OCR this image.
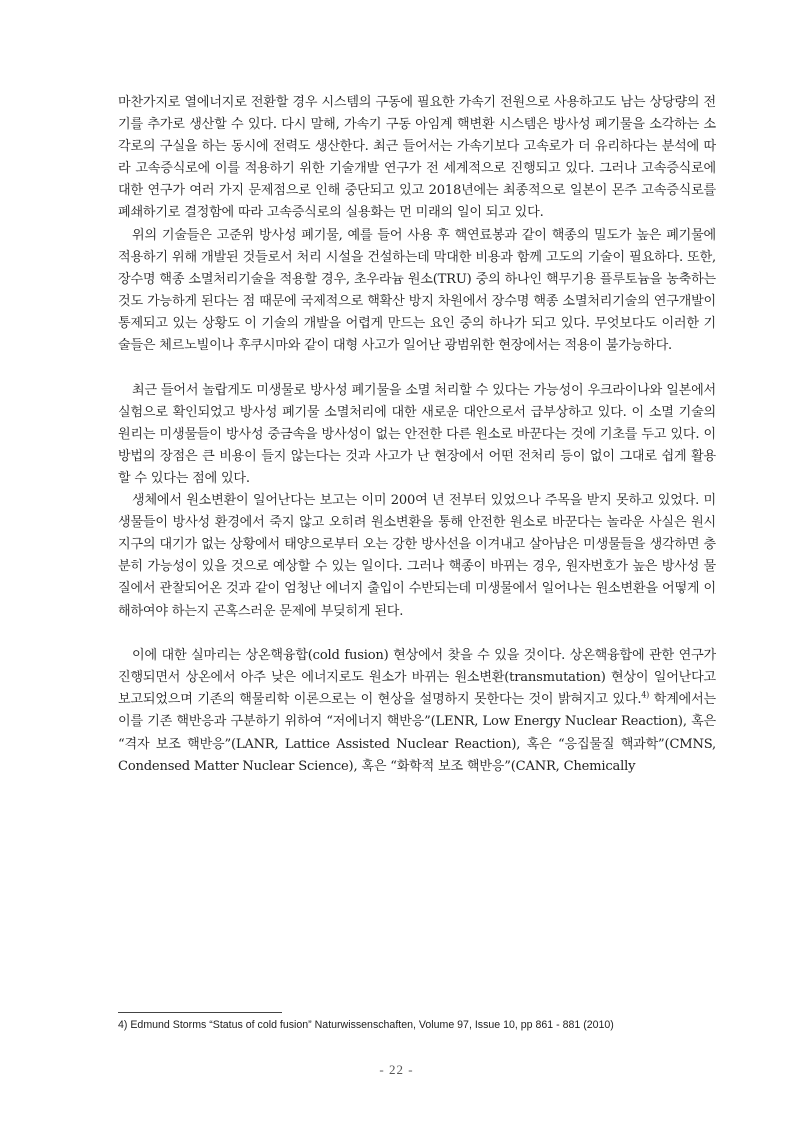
마찬가지로 열에너지로 전환할 경우 시스템의 구동에 필요한 가속기 전원으로 사용하고도 남는 상당량의 전기를 추가로 생산할 수 있다. 다시 말해, 가속기 구동 아임계 핵변환 시스템은 방사성 폐기물을 소각하는 소각로의 구실을 하는 동시에 전력도 생산한다. 최근 들어서는 가속기보다 고속로가 더 유리하다는 분석에 따라 고속증식로에 이를 적용하기 위한 기술개발 연구가 전 세계적으로 진행되고 있다. 그러나 고속증식로에 대한 연구가 여러 가지 문제점으로 인해 중단되고 있고 2018년에는 최종적으로 일본이 몬주 고속증식로를 폐쇄하기로 결정함에 따라 고속증식로의 실용화는 먼 미래의 일이 되고 있다.

위의 기술들은 고준위 방사성 폐기물, 예를 들어 사용 후 핵연료봉과 같이 핵종의 밀도가 높은 폐기물에 적용하기 위해 개발된 것들로서 처리 시설을 건설하는데 막대한 비용과 함께 고도의 기술이 필요하다. 또한, 장수명 핵종 소멸처리기술을 적용할 경우, 초우라늄 원소(TRU) 중의 하나인 핵무기용 플루토늄을 농축하는 것도 가능하게 된다는 점 때문에 국제적으로 핵확산 방지 차원에서 장수명 핵종 소멸처리기술의 연구개발이 통제되고 있는 상황도 이 기술의 개발을 어렵게 만드는 요인 중의 하나가 되고 있다. 무엇보다도 이러한 기술들은 체르노빌이나 후쿠시마와 같이 대형 사고가 일어난 광범위한 현장에서는 적용이 불가능하다.

최근 들어서 놀랍게도 미생물로 방사성 폐기물을 소멸 처리할 수 있다는 가능성이 우크라이나와 일본에서 실험으로 확인되었고 방사성 폐기물 소멸처리에 대한 새로운 대안으로서 급부상하고 있다. 이 소멸 기술의 원리는 미생물들이 방사성 중금속을 방사성이 없는 안전한 다른 원소로 바꾼다는 것에 기초를 두고 있다. 이 방법의 장점은 큰 비용이 들지 않는다는 것과 사고가 난 현장에서 어떤 전처리 등이 없이 그대로 쉽게 활용할 수 있다는 점에 있다.

생체에서 원소변환이 일어난다는 보고는 이미 200여 년 전부터 있었으나 주목을 받지 못하고 있었다. 미생물들이 방사성 환경에서 죽지 않고 오히려 원소변환을 통해 안전한 원소로 바꾼다는 놀라운 사실은 원시 지구의 대기가 없는 상황에서 태양으로부터 오는 강한 방사선을 이겨내고 살아남은 미생물들을 생각하면 충분히 가능성이 있을 것으로 예상할 수 있는 일이다. 그러나 핵종이 바뀌는 경우, 원자번호가 높은 방사성 물질에서 관찰되어온 것과 같이 엄청난 에너지 출입이 수반되는데 미생물에서 일어나는 원소변환을 어떻게 이해하여야 하는지 곤혹스러운 문제에 부딪히게 된다.

이에 대한 실마리는 상온핵융합(cold fusion) 현상에서 찾을 수 있을 것이다. 상온핵융합에 관한 연구가 진행되면서 상온에서 아주 낮은 에너지로도 원소가 바뀌는 원소변환(transmutation) 현상이 일어난다고 보고되었으며 기존의 핵물리학 이론으로는 이 현상을 설명하지 못한다는 것이 밝혀지고 있다.$^{4)}$ 학계에서는 이를 기존 핵반응과 구분하기 위하여 “저에너지 핵반응”(LENR, Low Energy Nuclear Reaction), 혹은 “격자 보조 핵반응”(LANR, Lattice Assisted Nuclear Reaction), 혹은 “응집물질 핵과학”(CMNS, Condensed Matter Nuclear Science), 혹은 “화학적 보조 핵반응”(CANR, Chemically

4) Edmund Storms “Status of cold fusion” Naturwissenschaften, Volume 97, Issue 10, pp 861 - 881 (2010)
- 22 -
